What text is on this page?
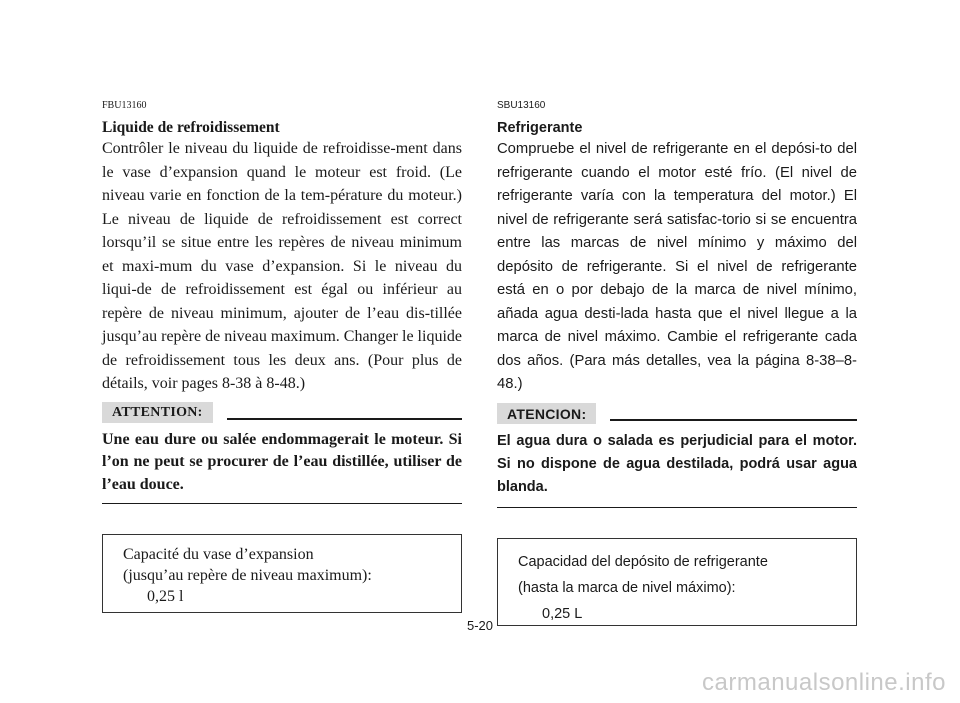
FBU13160
Liquide de refroidissement

Contrôler le niveau du liquide de refroidisse-ment dans le vase d’expansion quand le moteur est froid. (Le niveau varie en fonction de la tem-pérature du moteur.) Le niveau de liquide de refroidissement est correct lorsqu’il se situe entre les repères de niveau minimum et maxi-mum du vase d’expansion. Si le niveau du liqui-de de refroidissement est égal ou inférieur au repère de niveau minimum, ajouter de l’eau dis-tillée jusqu’au repère de niveau maximum. Changer le liquide de refroidissement tous les deux ans. (Pour plus de détails, voir pages 8-38 à 8-48.)

ATTENTION:

Une eau dure ou salée endommagerait le moteur. Si l’on ne peut se procurer de l’eau distillée, utiliser de l’eau douce.

Capacité du vase d’expansion

(jusqu’au repère de niveau maximum):

0,25 l

SBU13160
Refrigerante

Compruebe el nivel de refrigerante en el depósi-to del refrigerante cuando el motor esté frío. (El nivel de refrigerante varía con la temperatura del motor.) El nivel de refrigerante será satisfac-torio si se encuentra entre las marcas de nivel mínimo y máximo del depósito de refrigerante. Si el nivel de refrigerante está en o por debajo de la marca de nivel mínimo, añada agua desti-lada hasta que el nivel llegue a la marca de nivel máximo. Cambie el refrigerante cada dos años. (Para más detalles, vea la página 8-38–8-48.)

ATENCION:

El agua dura o salada es perjudicial para el motor. Si no dispone de agua destilada, podrá usar agua blanda.

Capacidad del depósito de refrigerante

(hasta la marca de nivel máximo):

0,25 L

5-20
carmanualsonline.info
